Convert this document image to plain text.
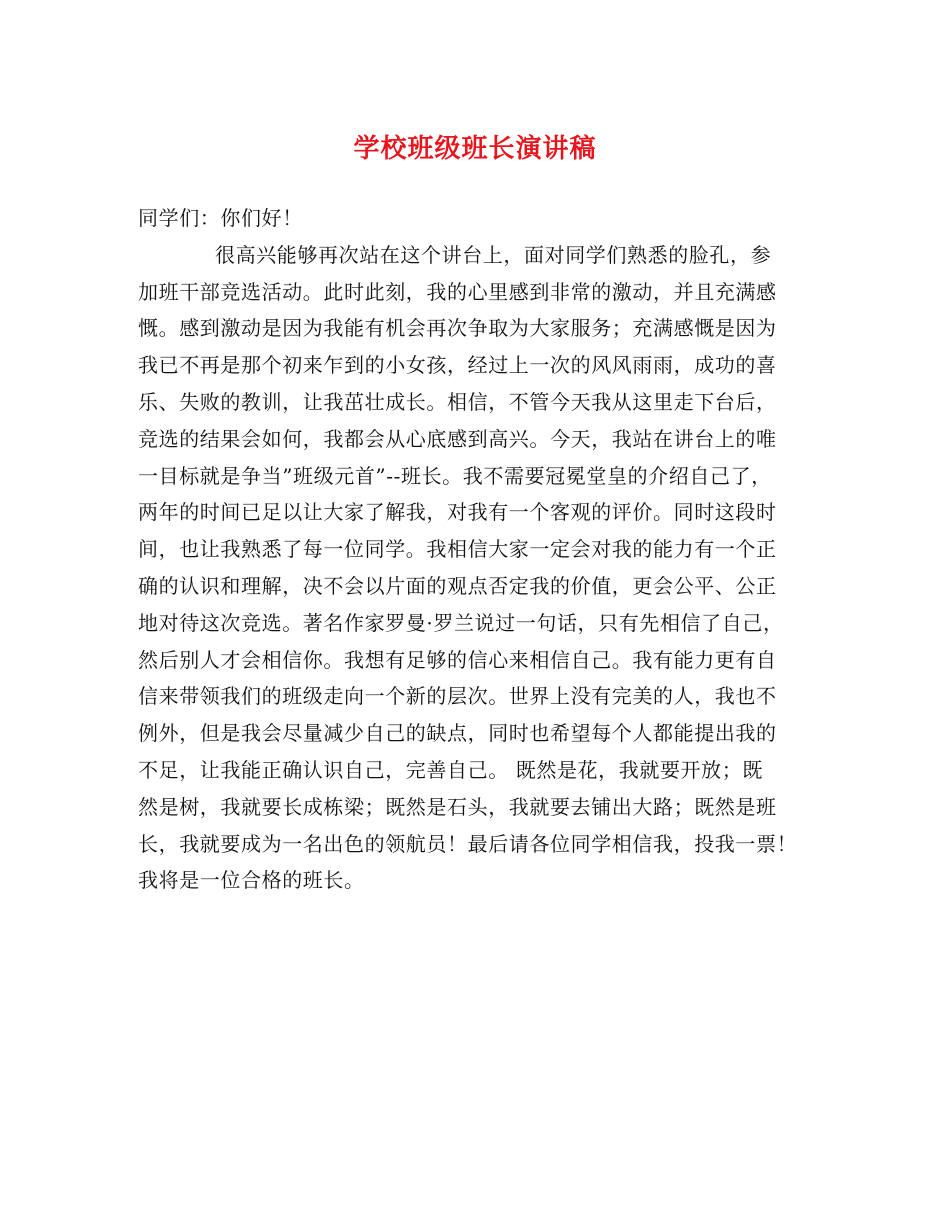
学校班级班长演讲稿
同学们：你们好！
很高兴能够再次站在这个讲台上，面对同学们熟悉的脸孔，参
加班干部竞选活动。此时此刻，我的心里感到非常的激动，并且充满感
慨。感到激动是因为我能有机会再次争取为大家服务；充满感慨是因为
我已不再是那个初来乍到的小女孩，经过上一次的风风雨雨，成功的喜
乐、失败的教训，让我茁壮成长。相信，不管今天我从这里走下台后，
竞选的结果会如何，我都会从心底感到高兴。今天，我站在讲台上的唯
一目标就是争当”班级元首”--班长。我不需要冠冕堂皇的介绍自己了，
两年的时间已足以让大家了解我，对我有一个客观的评价。同时这段时
间，也让我熟悉了每一位同学。我相信大家一定会对我的能力有一个正
确的认识和理解，决不会以片面的观点否定我的价值，更会公平、公正
地对待这次竞选。著名作家罗曼·罗兰说过一句话，只有先相信了自己，
然后别人才会相信你。我想有足够的信心来相信自己。我有能力更有自
信来带领我们的班级走向一个新的层次。世界上没有完美的人，我也不
例外，但是我会尽量减少自己的缺点，同时也希望每个人都能提出我的
不足，让我能正确认识自己，完善自己。 既然是花，我就要开放；既
然是树，我就要长成栋梁；既然是石头，我就要去铺出大路；既然是班
长，我就要成为一名出色的领航员！最后请各位同学相信我，投我一票！
我将是一位合格的班长。
